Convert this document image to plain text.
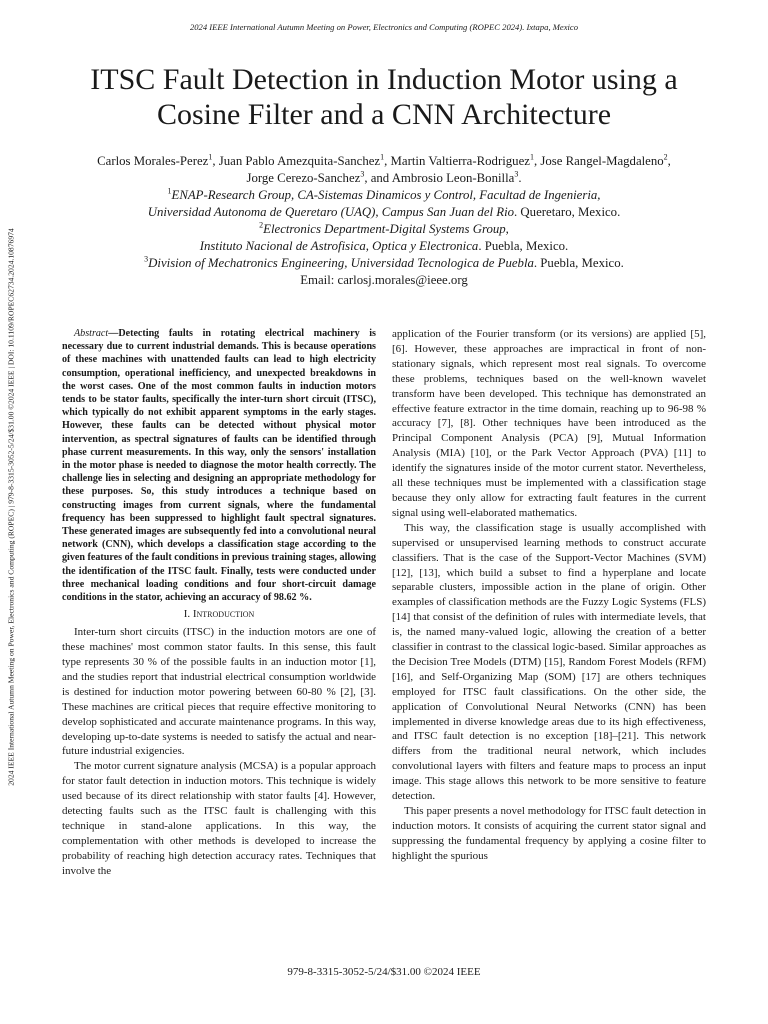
2024 IEEE International Autumn Meeting on Power, Electronics and Computing (ROPEC 2024). Ixtapa, Mexico
2024 IEEE International Autumn Meeting on Power, Electronics and Computing (ROPEC) | 979-8-3315-3052-5/24/$31.00 ©2024 IEEE | DOI: 10.1109/ROPEC62734.2024.10876974
ITSC Fault Detection in Induction Motor using a
Cosine Filter and a CNN Architecture
Carlos Morales-Perez$^1$, Juan Pablo Amezquita-Sanchez$^1$, Martin Valtierra-Rodriguez$^1$, Jose Rangel-Magdaleno$^2$,
Jorge Cerezo-Sanchez$^3$, and Ambrosio Leon-Bonilla$^3$.
$^1$ENAP-Research Group, CA-Sistemas Dinamicos y Control, Facultad de Ingenieria,
Universidad Autonoma de Queretaro (UAQ), Campus San Juan del Rio. Queretaro, Mexico.
$^2$Electronics Department-Digital Systems Group,
Instituto Nacional de Astrofisica, Optica y Electronica. Puebla, Mexico.
$^3$Division of Mechatronics Engineering, Universidad Tecnologica de Puebla. Puebla, Mexico.
Email: carlosj.morales@ieee.org

Abstract—Detecting faults in rotating electrical machinery is necessary due to current industrial demands. This is because operations of these machines with unattended faults can lead to high electricity consumption, operational inefficiency, and unexpected breakdowns in the worst cases. One of the most common faults in induction motors tends to be stator faults, specifically the inter-turn short circuit (ITSC), which typically do not exhibit apparent symptoms in the early stages. However, these faults can be detected without physical motor intervention, as spectral signatures of faults can be identified through phase current measurements. In this way, only the sensors' installation in the motor phase is needed to diagnose the motor health correctly. The challenge lies in selecting and designing an appropriate methodology for these purposes. So, this study introduces a technique based on constructing images from current signals, where the fundamental frequency has been suppressed to highlight fault spectral signatures. These generated images are subsequently fed into a convolutional neural network (CNN), which develops a classification stage according to the given features of the fault conditions in previous training stages, allowing the identification of the ITSC fault. Finally, tests were conducted under three mechanical loading conditions and four short-circuit damage conditions in the stator, achieving an accuracy of 98.62 %.

I. Introduction

Inter-turn short circuits (ITSC) in the induction motors are one of these machines' most common stator faults. In this sense, this fault type represents 30 % of the possible faults in an induction motor [1], and the studies report that industrial electrical consumption worldwide is destined for induction motor powering between 60-80 % [2], [3]. These machines are critical pieces that require effective monitoring to develop sophisticated and accurate maintenance programs. In this way, developing up-to-date systems is needed to satisfy the actual and near-future industrial exigencies.

The motor current signature analysis (MCSA) is a popular approach for stator fault detection in induction motors. This technique is widely used because of its direct relationship with stator faults [4]. However, detecting faults such as the ITSC fault is challenging with this technique in stand-alone applications. In this way, the complementation with other methods is developed to increase the probability of reaching high detection accuracy rates. Techniques that involve the

application of the Fourier transform (or its versions) are applied [5], [6]. However, these approaches are impractical in front of non-stationary signals, which represent most real signals. To overcome these problems, techniques based on the well-known wavelet transform have been developed. This technique has demonstrated an effective feature extractor in the time domain, reaching up to 96-98 % accuracy [7], [8]. Other techniques have been introduced as the Principal Component Analysis (PCA) [9], Mutual Information Analysis (MIA) [10], or the Park Vector Approach (PVA) [11] to identify the signatures inside of the motor current stator. Nevertheless, all these techniques must be implemented with a classification stage because they only allow for extracting fault features in the current signal using well-elaborated mathematics.

This way, the classification stage is usually accomplished with supervised or unsupervised learning methods to construct accurate classifiers. That is the case of the Support-Vector Machines (SVM) [12], [13], which build a subset to find a hyperplane and locate separable clusters, impossible action in the plane of origin. Other examples of classification methods are the Fuzzy Logic Systems (FLS) [14] that consist of the definition of rules with intermediate levels, that is, the named many-valued logic, allowing the creation of a better classifier in contrast to the classical logic-based. Similar approaches as the Decision Tree Models (DTM) [15], Random Forest Models (RFM) [16], and Self-Organizing Map (SOM) [17] are others techniques employed for ITSC fault classifications. On the other side, the application of Convolutional Neural Networks (CNN) has been implemented in diverse knowledge areas due to its high effectiveness, and ITSC fault detection is no exception [18]–[21]. This network differs from the traditional neural network, which includes convolutional layers with filters and feature maps to process an input image. This stage allows this network to be more sensitive to feature detection.

This paper presents a novel methodology for ITSC fault detection in induction motors. It consists of acquiring the current stator signal and suppressing the fundamental frequency by applying a cosine filter to highlight the spurious

979-8-3315-3052-5/24/$31.00 ©2024 IEEE
